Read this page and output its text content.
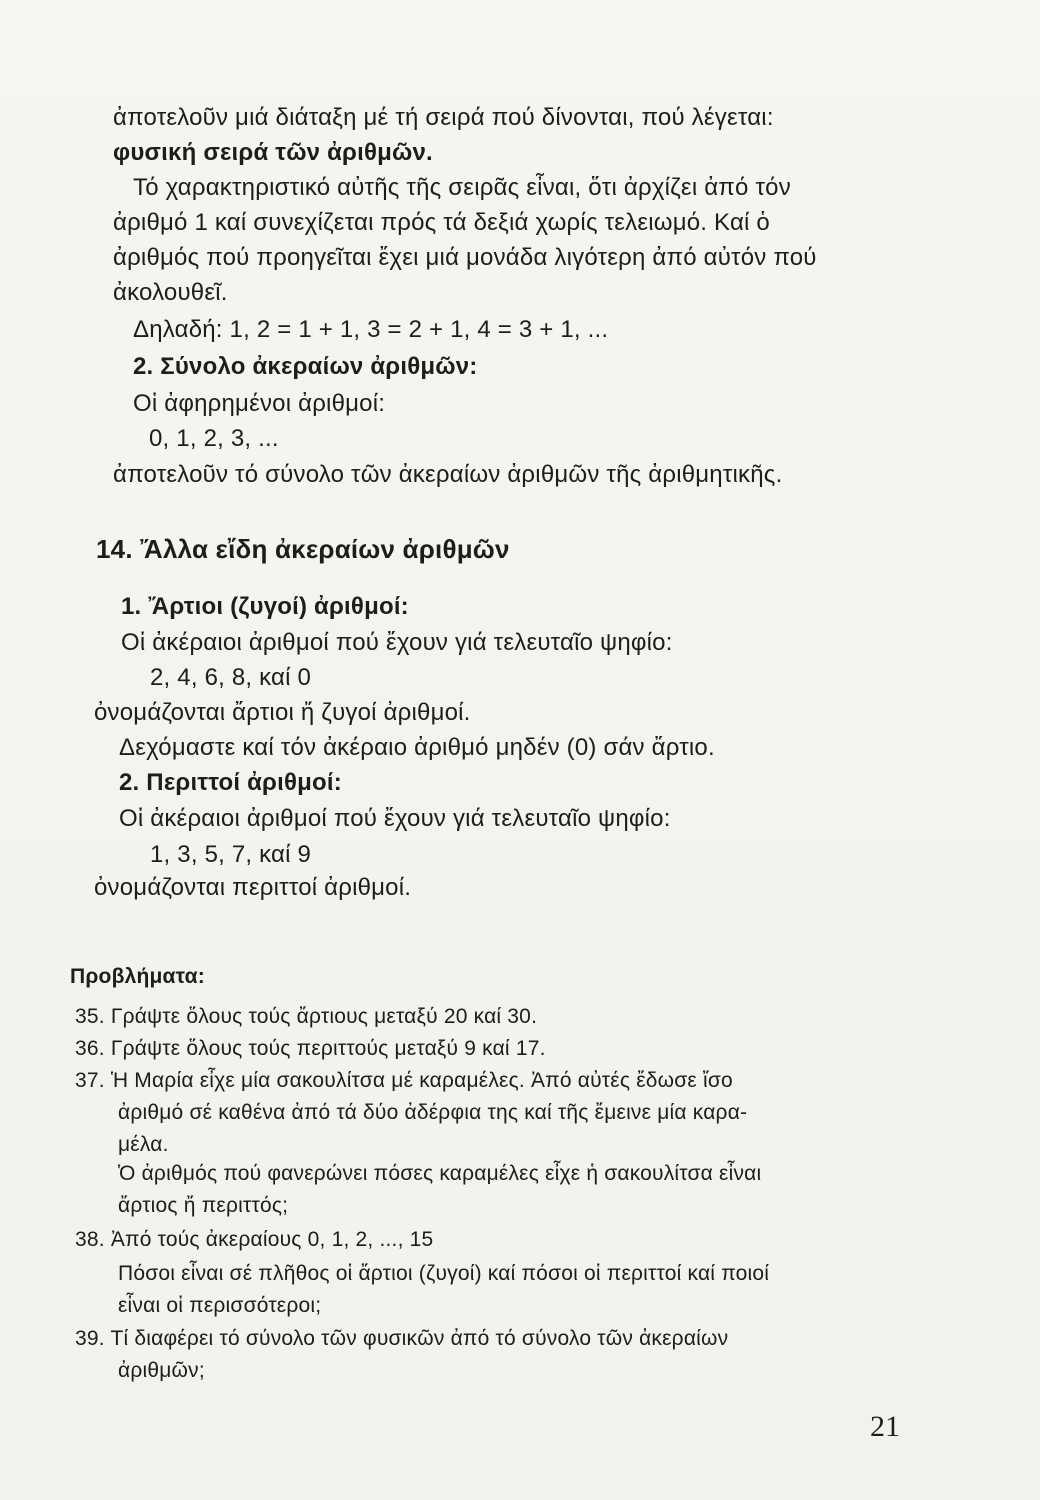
ἀποτελοῦν μιά διάταξη μέ τή σειρά πού δίνονται, πού λέγεται:
φυσική σειρά τῶν ἀριθμῶν.
Τό χαρακτηριστικό αὐτῆς τῆς σειρᾶς εἶναι, ὅτι ἀρχίζει ἀπό τόν
ἀριθμό 1 καί συνεχίζεται πρός τά δεξιά χωρίς τελειωμό. Καί ὁ
ἀριθμός πού προηγεῖται ἔχει μιά μονάδα λιγότερη ἀπό αὐτόν πού
ἀκολουθεῖ.
Δηλαδή: 1, 2 = 1 + 1, 3 = 2 + 1, 4 = 3 + 1, ...
2. Σύνολο ἀκεραίων ἀριθμῶν:
Οἱ ἀφηρημένοι ἀριθμοί:
0, 1, 2, 3, ...
ἀποτελοῦν τό σύνολο τῶν ἀκεραίων ἀριθμῶν τῆς ἀριθμητικῆς.
14. Ἄλλα εἴδη ἀκεραίων ἀριθμῶν
1. Ἄρτιοι (ζυγοί) ἀριθμοί:
Οἱ ἀκέραιοι ἀριθμοί πού ἔχουν γιά τελευταῖο ψηφίο:
2, 4, 6, 8, καί 0
ὀνομάζονται ἄρτιοι ἤ ζυγοί ἀριθμοί.
Δεχόμαστε καί τόν ἀκέραιο ἀριθμό μηδέν (0) σάν ἄρτιο.
2. Περιττοί ἀριθμοί:
Οἱ ἀκέραιοι ἀριθμοί πού ἔχουν γιά τελευταῖο ψηφίο:
1, 3, 5, 7, καί 9
ὀνομάζονται περιττοί ἀριθμοί.
Προβλήματα:
35. Γράψτε ὅλους τούς ἄρτιους μεταξύ 20 καί 30.
36. Γράψτε ὅλους τούς περιττούς μεταξύ 9 καί 17.
37. Ἡ Μαρία εἶχε μία σακουλίτσα μέ καραμέλες. Ἀπό αὐτές ἔδωσε ἴσο
ἀριθμό σέ καθένα ἀπό τά δύο ἀδέρφια της καί τῆς ἔμεινε μία καρα-
μέλα.
Ὁ ἀριθμός πού φανερώνει πόσες καραμέλες εἶχε ἡ σακουλίτσα εἶναι
ἄρτιος ἤ περιττός;
38. Ἀπό τούς ἀκεραίους 0, 1, 2, ..., 15
Πόσοι εἶναι σέ πλῆθος οἱ ἄρτιοι (ζυγοί) καί πόσοι οἱ περιττοί καί ποιοί
εἶναι οἱ περισσότεροι;
39. Τί διαφέρει τό σύνολο τῶν φυσικῶν ἀπό τό σύνολο τῶν ἀκεραίων
ἀριθμῶν;
21
